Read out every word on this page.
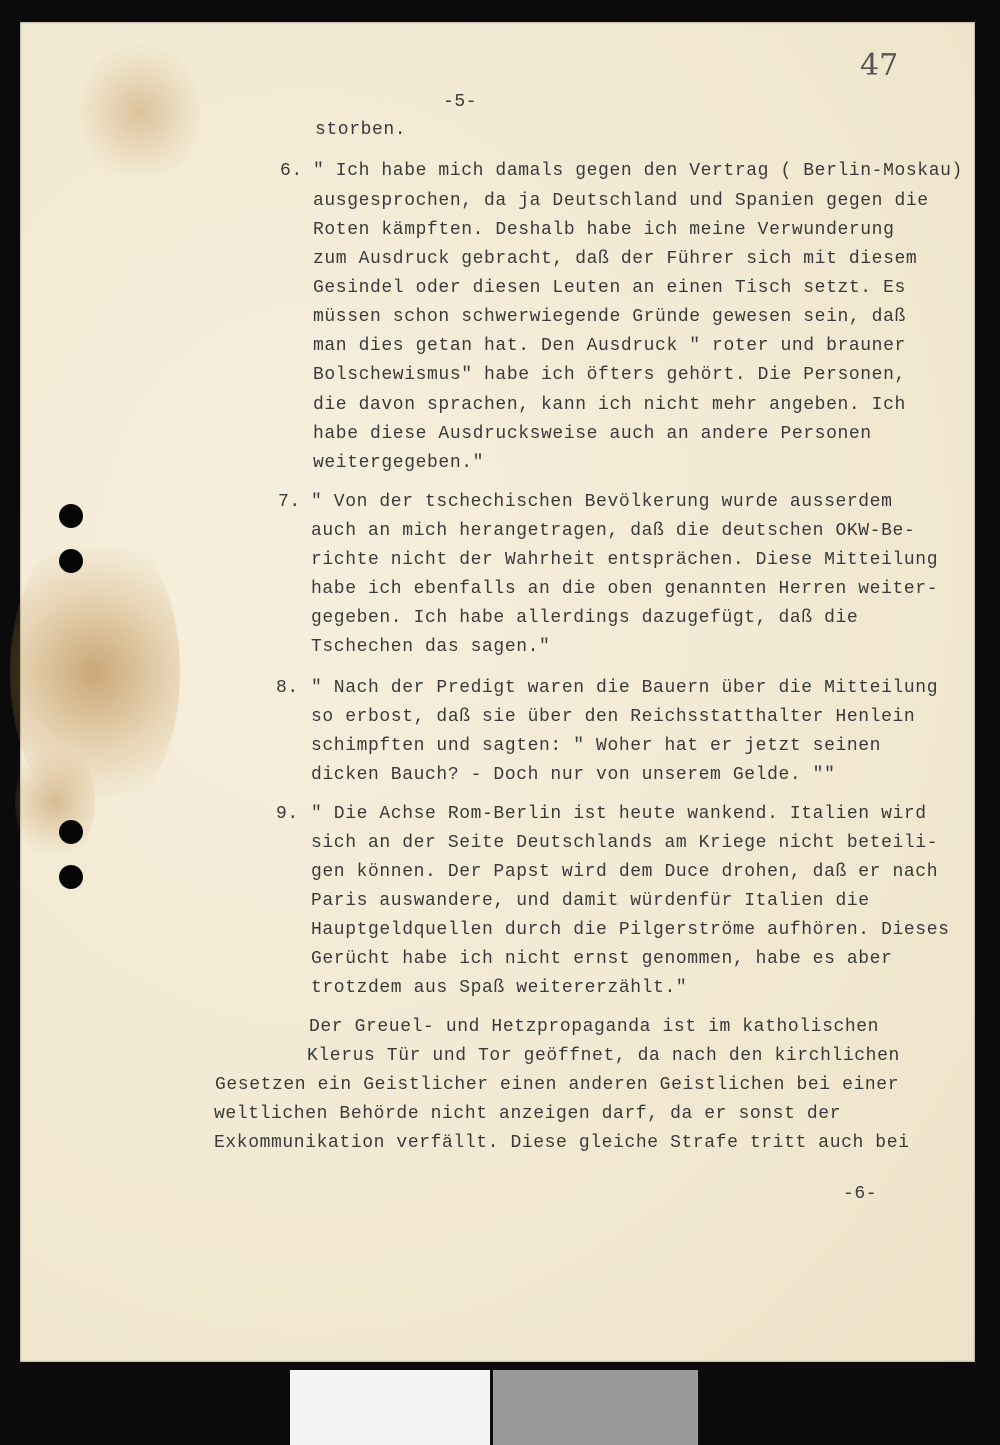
47
-5-
storben.
6. " Ich habe mich damals gegen den Vertrag ( Berlin-Moskau)
ausgesprochen, da ja Deutschland und Spanien gegen die
Roten kämpften. Deshalb habe ich meine Verwunderung
zum Ausdruck gebracht, daß der Führer sich mit diesem
Gesindel oder diesen Leuten an einen Tisch setzt. Es
müssen schon schwerwiegende Gründe gewesen sein, daß
man dies getan hat. Den Ausdruck " roter und brauner
Bolschewismus" habe ich öfters gehört. Die Personen,
die davon sprachen, kann ich nicht mehr angeben. Ich
habe diese Ausdrucksweise auch an andere Personen
weitergegeben."
7. " Von der tschechischen Bevölkerung wurde ausserdem
auch an mich herangetragen, daß die deutschen OKW-Be-
richte nicht der Wahrheit entsprächen. Diese Mitteilung
habe ich ebenfalls an die oben genannten Herren weiter-
gegeben. Ich habe allerdings dazugefügt, daß die
Tschechen das sagen."
8. " Nach der Predigt waren die Bauern über die Mitteilung
so erbost, daß sie über den Reichsstatthalter Henlein
schimpften und sagten: " Woher hat er jetzt seinen
dicken Bauch? - Doch nur von unserem Gelde. ""
9. " Die Achse Rom-Berlin ist heute wankend. Italien wird
sich an der Seite Deutschlands am Kriege nicht beteili-
gen können. Der Papst wird dem Duce drohen, daß er nach
Paris auswandere, und damit würdenfür Italien die
Hauptgeldquellen durch die Pilgerströme aufhören. Dieses
Gerücht habe ich nicht ernst genommen, habe es aber
trotzdem aus Spaß weitererzählt."
Der Greuel- und Hetzpropaganda ist im katholischen
Klerus Tür und Tor geöffnet, da nach den kirchlichen
Gesetzen ein Geistlicher einen anderen Geistlichen bei einer
weltlichen Behörde nicht anzeigen darf, da er sonst der
Exkommunikation verfällt. Diese gleiche Strafe tritt auch bei
-6-
